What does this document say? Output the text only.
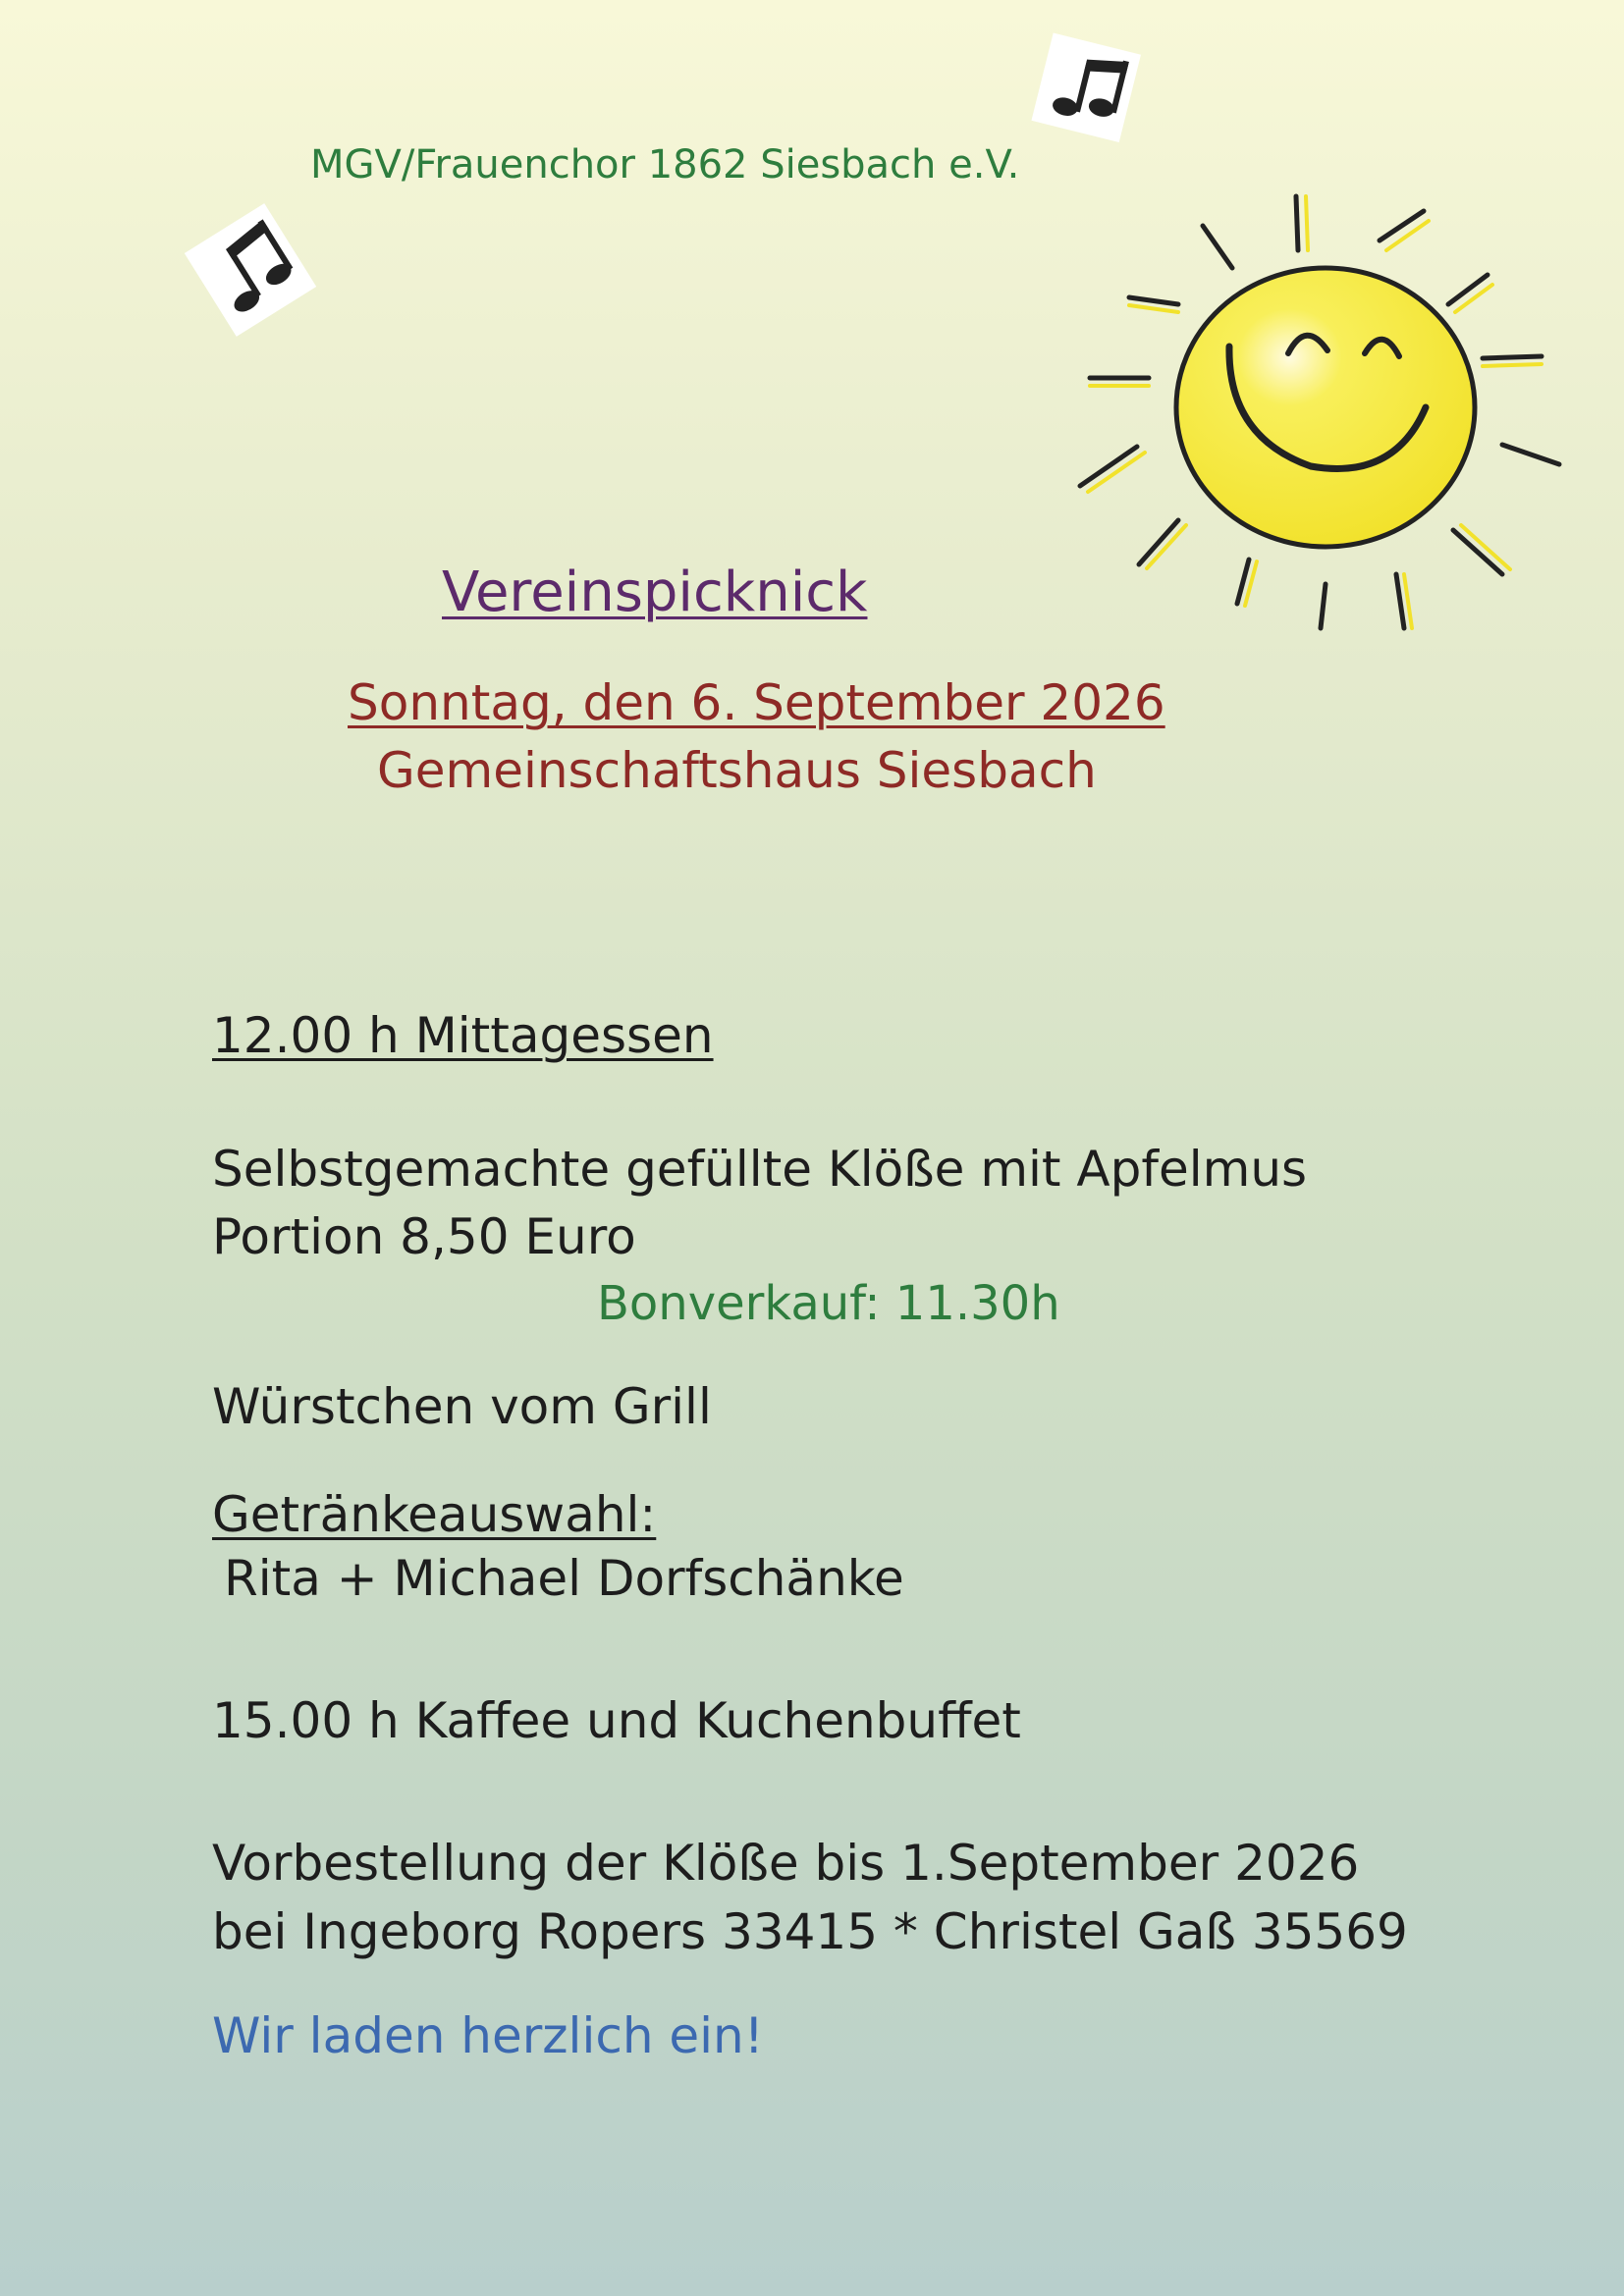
MGV/Frauenchor 1862 Siesbach e.V.

Vereinspicknick

Sonntag, den 6. September 2026

Gemeinschaftshaus Siesbach

12.00 h Mittagessen

Selbstgemachte gefüllte Klöße mit Apfelmus

Portion 8,50 Euro

Bonverkauf: 11.30h

Würstchen vom Grill

Getränkeauswahl:

Rita + Michael Dorfschänke

15.00 h Kaffee und Kuchenbuffet

Vorbestellung der Klöße bis 1.September 2026

bei Ingeborg Ropers 33415 * Christel Gaß 35569

Wir laden herzlich ein!
